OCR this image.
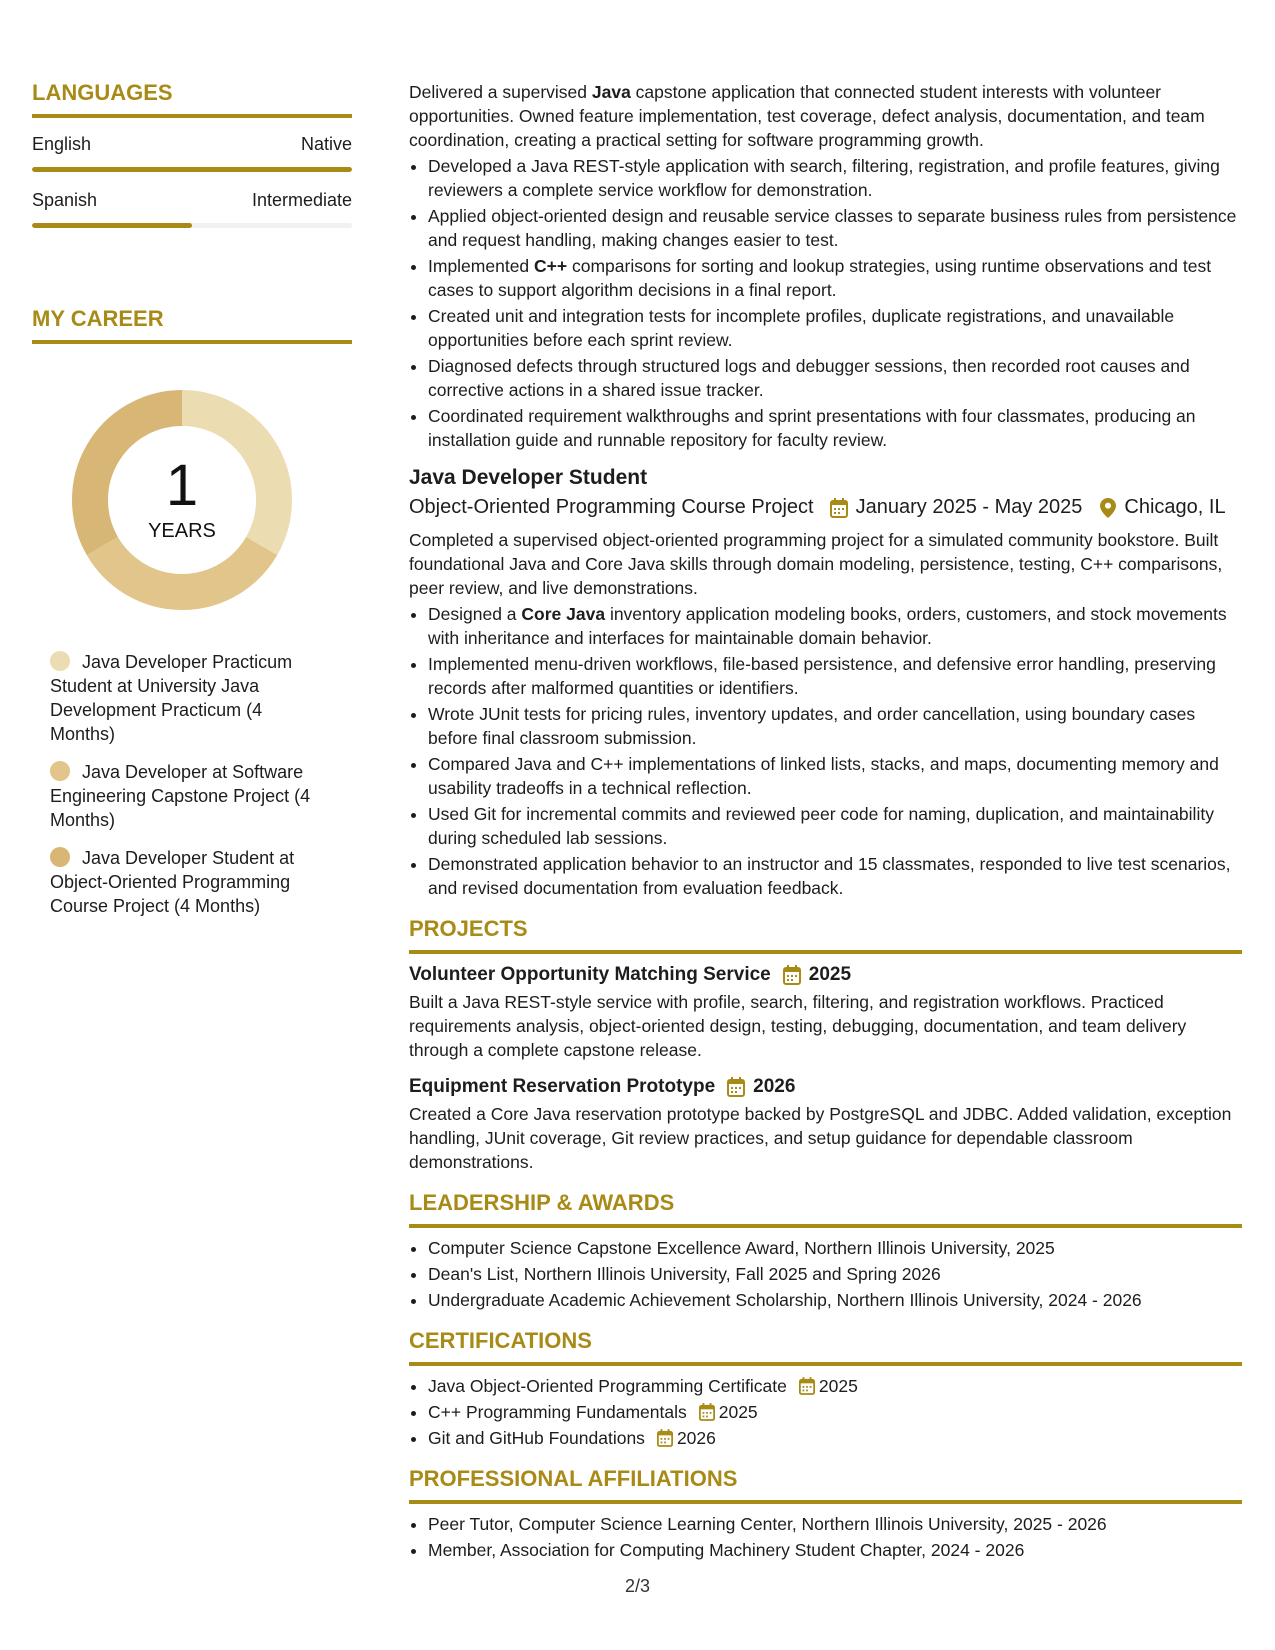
LANGUAGES
English	Native
Spanish	Intermediate
MY CAREER
1
YEARS
Java Developer Practicum Student at University Java Development Practicum (4 Months)
Java Developer at Software Engineering Capstone Project (4 Months)
Java Developer Student at Object-Oriented Programming Course Project (4 Months)

Delivered a supervised Java capstone application that connected student interests with volunteer opportunities. Owned feature implementation, test coverage, defect analysis, documentation, and team coordination, creating a practical setting for software programming growth.

• Developed a Java REST-style application with search, filtering, registration, and profile features, giving reviewers a complete service workflow for demonstration.
• Applied object-oriented design and reusable service classes to separate business rules from persistence and request handling, making changes easier to test.
• Implemented C++ comparisons for sorting and lookup strategies, using runtime observations and test cases to support algorithm decisions in a final report.
• Created unit and integration tests for incomplete profiles, duplicate registrations, and unavailable opportunities before each sprint review.
• Diagnosed defects through structured logs and debugger sessions, then recorded root causes and corrective actions in a shared issue tracker.
• Coordinated requirement walkthroughs and sprint presentations with four classmates, producing an installation guide and runnable repository for faculty review.
Java Developer Student
Object-Oriented Programming Course Project January 2025 - May 2025 Chicago, IL

Completed a supervised object-oriented programming project for a simulated community bookstore. Built foundational Java and Core Java skills through domain modeling, persistence, testing, C++ comparisons, peer review, and live demonstrations.

• Designed a Core Java inventory application modeling books, orders, customers, and stock movements with inheritance and interfaces for maintainable domain behavior.
• Implemented menu-driven workflows, file-based persistence, and defensive error handling, preserving records after malformed quantities or identifiers.
• Wrote JUnit tests for pricing rules, inventory updates, and order cancellation, using boundary cases before final classroom submission.
• Compared Java and C++ implementations of linked lists, stacks, and maps, documenting memory and usability tradeoffs in a technical reflection.
• Used Git for incremental commits and reviewed peer code for naming, duplication, and maintainability during scheduled lab sessions.
• Demonstrated application behavior to an instructor and 15 classmates, responded to live test scenarios, and revised documentation from evaluation feedback.
PROJECTS
Volunteer Opportunity Matching Service 2025

Built a Java REST-style service with profile, search, filtering, and registration workflows. Practiced requirements analysis, object-oriented design, testing, debugging, documentation, and team delivery through a complete capstone release.

Equipment Reservation Prototype 2026

Created a Core Java reservation prototype backed by PostgreSQL and JDBC. Added validation, exception handling, JUnit coverage, Git review practices, and setup guidance for dependable classroom demonstrations.

LEADERSHIP & AWARDS
• Computer Science Capstone Excellence Award, Northern Illinois University, 2025
• Dean's List, Northern Illinois University, Fall 2025 and Spring 2026
• Undergraduate Academic Achievement Scholarship, Northern Illinois University, 2024 - 2026
CERTIFICATIONS
• Java Object-Oriented Programming Certificate 2025
• C++ Programming Fundamentals 2025
• Git and GitHub Foundations 2026
PROFESSIONAL AFFILIATIONS
• Peer Tutor, Computer Science Learning Center, Northern Illinois University, 2025 - 2026
• Member, Association for Computing Machinery Student Chapter, 2024 - 2026
2/3
